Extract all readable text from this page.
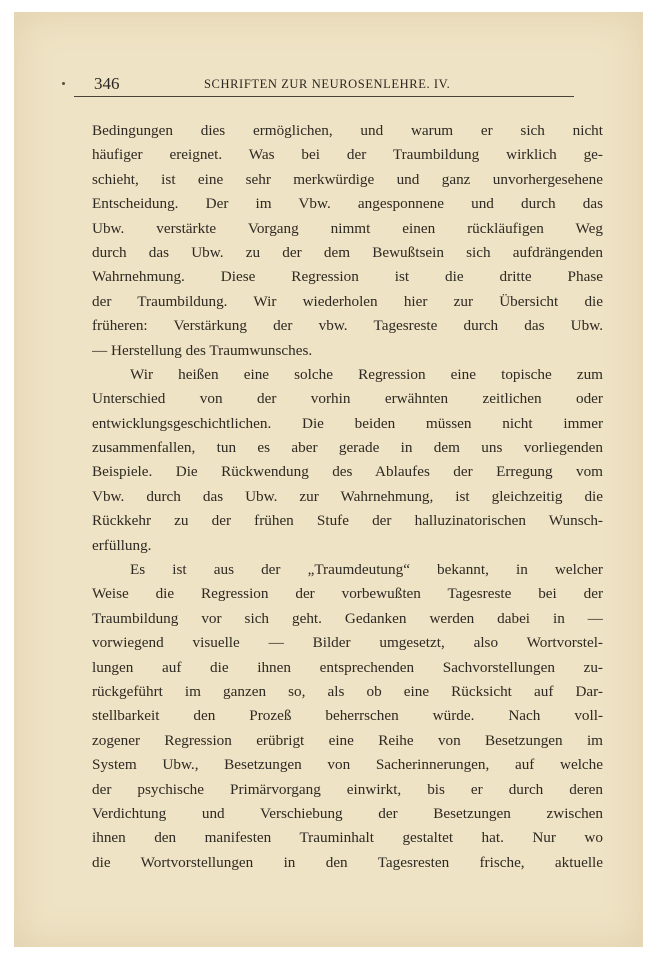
346	SCHRIFTEN ZUR NEUROSENLEHRE. IV.
Bedingungen dies ermöglichen, und warum er sich nicht
häufiger ereignet. Was bei der Traumbildung wirklich ge-
schieht, ist eine sehr merkwürdige und ganz unvorhergesehene
Entscheidung. Der im Vbw. angesponnene und durch das
Ubw. verstärkte Vorgang nimmt einen rückläufigen Weg
durch das Ubw. zu der dem Bewußtsein sich aufdrängenden
Wahrnehmung. Diese Regression ist die dritte Phase
der Traumbildung. Wir wiederholen hier zur Übersicht die
früheren: Verstärkung der vbw. Tagesreste durch das Ubw.
— Herstellung des Traumwunsches.
Wir heißen eine solche Regression eine topische zum
Unterschied von der vorhin erwähnten zeitlichen oder
entwicklungsgeschichtlichen. Die beiden müssen nicht immer
zusammenfallen, tun es aber gerade in dem uns vorliegenden
Beispiele. Die Rückwendung des Ablaufes der Erregung vom
Vbw. durch das Ubw. zur Wahrnehmung, ist gleichzeitig die
Rückkehr zu der frühen Stufe der halluzinatorischen Wunsch-
erfüllung.
Es ist aus der „Traumdeutung“ bekannt, in welcher
Weise die Regression der vorbewußten Tagesreste bei der
Traumbildung vor sich geht. Gedanken werden dabei in —
vorwiegend visuelle — Bilder umgesetzt, also Wortvorstel-
lungen auf die ihnen entsprechenden Sachvorstellungen zu-
rückgeführt im ganzen so, als ob eine Rücksicht auf Dar-
stellbarkeit den Prozeß beherrschen würde. Nach voll-
zogener Regression erübrigt eine Reihe von Besetzungen im
System Ubw., Besetzungen von Sacherinnerungen, auf welche
der psychische Primärvorgang einwirkt, bis er durch deren
Verdichtung und Verschiebung der Besetzungen zwischen
ihnen den manifesten Trauminhalt gestaltet hat. Nur wo
die Wortvorstellungen in den Tagesresten frische, aktuelle
